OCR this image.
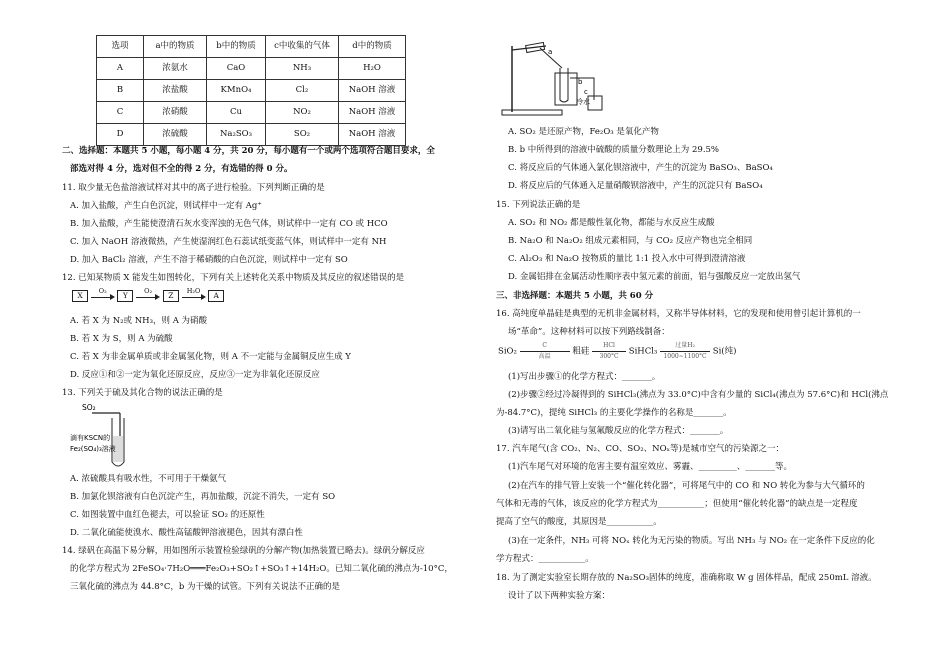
选项	a中的物质	b中的物质	c中收集的气体	d中的物质
A	浓氨水	CaO	NH₃	H₂O
B	浓盐酸	KMnO₄	Cl₂	NaOH 溶液
C	浓硝酸	Cu	NO₂	NaOH 溶液
D	浓硫酸	Na₂SO₃	SO₂	NaOH 溶液
二、选择题：本题共 5 小题，每小题 4 分，共 20 分，每小题有一个或两个选项符合题目要求，全
部选对得 4 分，选对但不全的得 2 分，有选错的得 0 分。
11. 取少量无色盐溶液试样对其中的离子进行检验。下列判断正确的是
A. 加入盐酸，产生白色沉淀，则试样中一定有 Ag⁺
B. 加入盐酸，产生能使澄清石灰水变浑浊的无色气体，则试样中一定有 CO 或 HCO
C. 加入 NaOH 溶液微热，产生使湿润红色石蕊试纸变蓝气体，则试样中一定有 NH
D. 加入 BaCl₂ 溶液，产生不溶于稀硝酸的白色沉淀，则试样中一定有 SO
12. 已知某物质 X 能发生如图转化，下列有关上述转化关系中物质及其反应的叙述错误的是
X
O₂
Y
O₂
Z
H₂O
A
A. 若 X 为 N₂或 NH₃，则 A 为硝酸
B. 若 X 为 S，则 A 为硫酸
C. 若 X 为非金属单质或非金属氢化物，则 A 不一定能与金属铜反应生成 Y
D. 反应①和②一定为氧化还原反应，反应③一定为非氧化还原反应
13. 下列关于硫及其化合物的说法正确的是
SO₂
滴有KSCN的
Fe₂(SO₄)₃溶液
A. 浓硫酸具有吸水性，不可用于干燥氨气
B. 加氯化钡溶液有白色沉淀产生，再加盐酸，沉淀不消失，一定有 SO
C. 如图装置中血红色褪去，可以验证 SO₂ 的还原性
D. 二氧化硫能使溴水、酸性高锰酸钾溶液褪色，因其有漂白性
14. 绿矾在高温下易分解，用如图所示装置检验绿矾的分解产物(加热装置已略去)。绿矾分解反应
的化学方程式为 2FeSO₄·7H₂O═══Fe₂O₃+SO₂↑+SO₃↑+14H₂O。已知二氧化硫的沸点为-10°C，
三氧化硫的沸点为 44.8°C，b 为干燥的试管。下列有关说法不正确的是
a
b
c
冷水
A. SO₂ 是还原产物，Fe₂O₃ 是氧化产物
B. b 中所得到的溶液中硫酸的质量分数理论上为 29.5%
C. 将反应后的气体通入氯化钡溶液中，产生的沉淀为 BaSO₃、BaSO₄
D. 将反应后的气体通入足量硝酸钡溶液中，产生的沉淀只有 BaSO₄
15. 下列说法正确的是
A. SO₂ 和 NO₂ 都是酸性氧化物，都能与水反应生成酸
B. Na₂O 和 Na₂O₂ 组成元素相同，与 CO₂ 反应产物也完全相同
C. Al₂O₃ 和 Na₂O 按物质的量比 1:1 投入水中可得到澄清溶液
D. 金属铝排在金属活动性顺序表中氢元素的前面，铝与强酸反应一定放出氢气
三、非选择题：本题共 5 小题，共 60 分
16. 高纯度单晶硅是典型的无机非金属材料，又称半导体材料，它的发现和使用曾引起计算机的一
场“革命”。这种材料可以按下列路线制备：
SiO₂
C
高温	粗硅
HCl
300°C	SiHCl₃
过量H₂
1000~1100°C Si(纯)
(1)写出步骤①的化学方程式：_______。
(2)步骤②经过冷凝得到的 SiHCl₃(沸点为 33.0°C)中含有少量的 SiCl₄(沸点为 57.6°C)和 HCl(沸点
为-84.7°C)，提纯 SiHCl₃ 的主要化学操作的名称是_______。
(3)请写出二氧化硅与氢氟酸反应的化学方程式：_______。
17. 汽车尾气(含 CO₂、N₂、CO、SO₂、NOₓ等)是城市空气的污染源之一：
(1)汽车尾气对环境的危害主要有温室效应、雾霾、_________、_______等。
(2)在汽车的排气管上安装一个“催化转化器”，可将尾气中的 CO 和 NO 转化为参与大气循环的
气体和无毒的气体，该反应的化学方程式为___________；但使用“催化转化器”的缺点是一定程度
提高了空气的酸度，其原因是___________。
(3)在一定条件，NH₃ 可将 NOₓ 转化为无污染的物质。写出 NH₃ 与 NO₂ 在一定条件下反应的化
学方程式：___________。
18. 为了测定实验室长期存放的 Na₂SO₃固体的纯度，准确称取 W g 固体样品，配成 250mL 溶液。
设计了以下两种实验方案：
